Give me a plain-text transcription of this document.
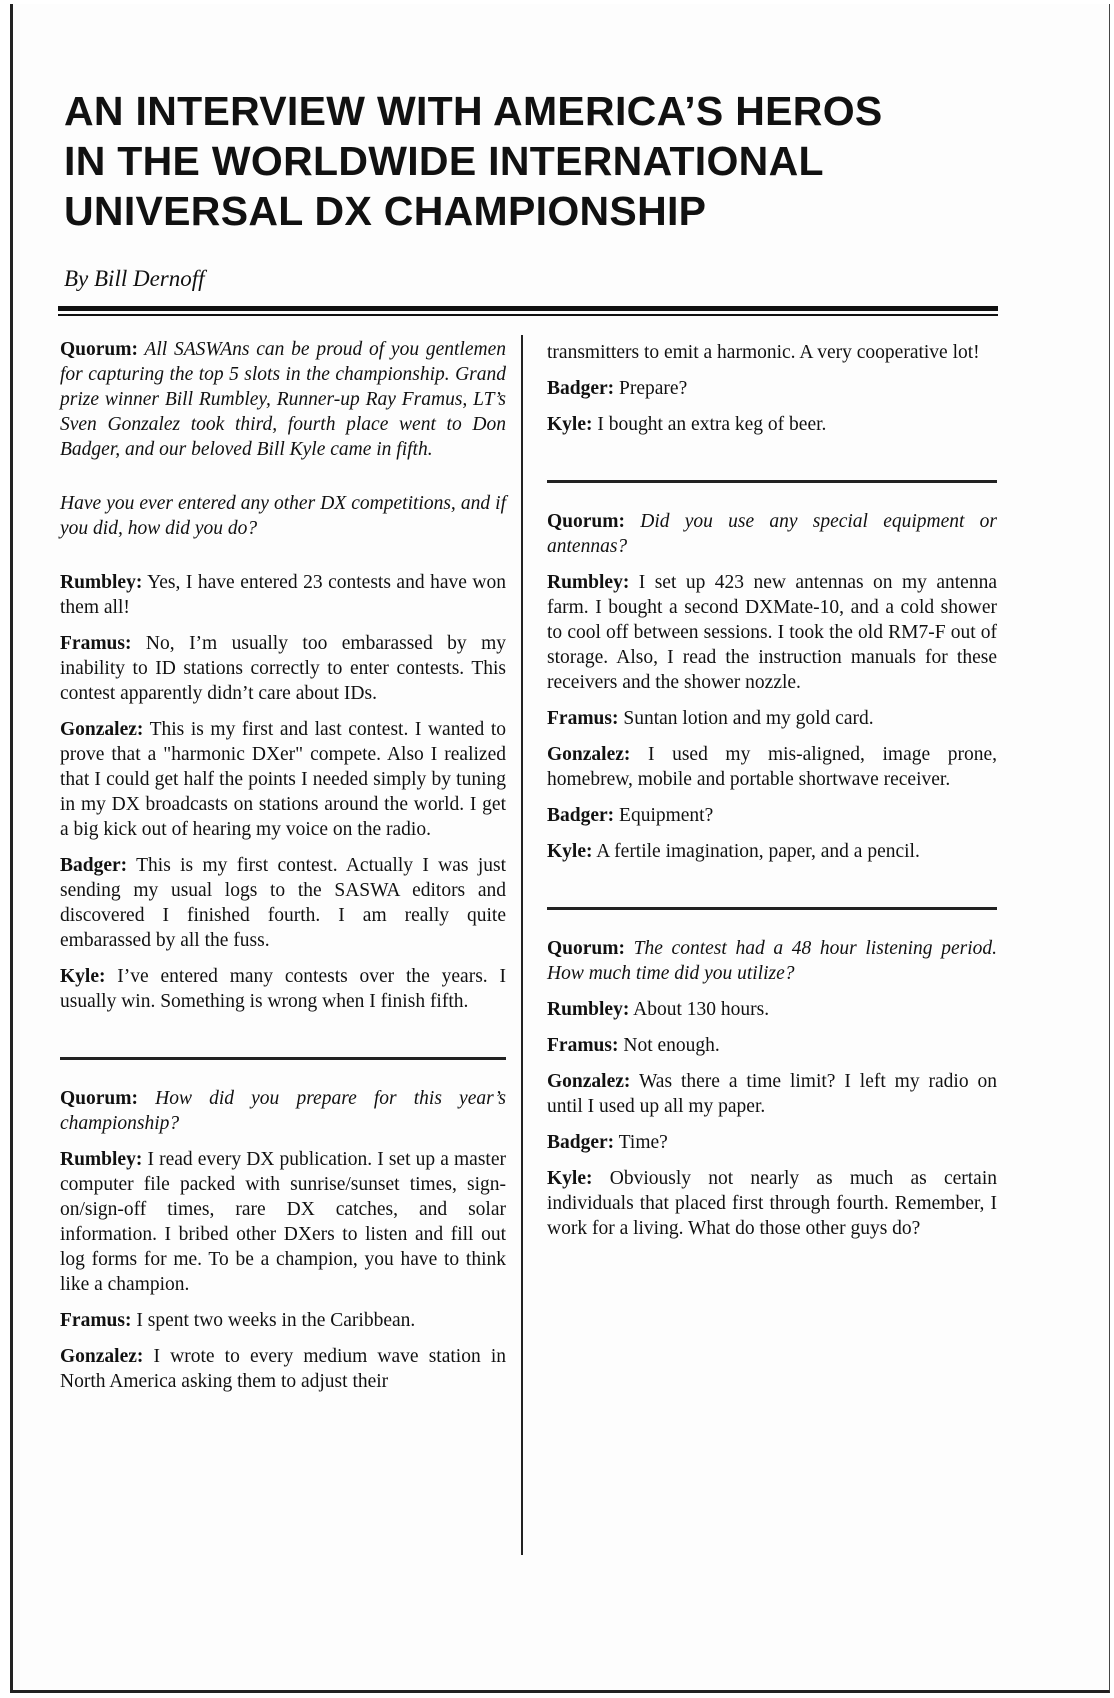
AN INTERVIEW WITH AMERICA’S HEROS
IN THE WORLDWIDE INTERNATIONAL
UNIVERSAL DX CHAMPIONSHIP
By Bill Dernoff

Quorum: All SASWAns can be proud of you gentlemen for capturing the top 5 slots in the championship. Grand prize winner Bill Rumbley, Runner-up Ray Framus, LT’s Sven Gonzalez took third, fourth place went to Don Badger, and our beloved Bill Kyle came in fifth.

Have you ever entered any other DX competitions, and if you did, how did you do?

Rumbley: Yes, I have entered 23 contests and have won them all!

Framus: No, I’m usually too embarassed by my inability to ID stations correctly to enter contests. This contest apparently didn’t care about IDs.

Gonzalez: This is my first and last contest. I wanted to prove that a "harmonic DXer" compete. Also I realized that I could get half the points I needed simply by tuning in my DX broadcasts on stations around the world. I get a big kick out of hearing my voice on the radio.

Badger: This is my first contest. Actually I was just sending my usual logs to the SASWA editors and discovered I finished fourth. I am really quite embarassed by all the fuss.

Kyle: I’ve entered many contests over the years. I usually win. Something is wrong when I finish fifth.

Quorum: How did you prepare for this year’s championship?

Rumbley: I read every DX publication. I set up a master computer file packed with sunrise/sunset times, sign- on/sign-off times, rare DX catches, and solar information. I bribed other DXers to listen and fill out log forms for me. To be a champion, you have to think like a champion.

Framus: I spent two weeks in the Caribbean.

Gonzalez: I wrote to every medium wave station in North America asking them to adjust their

transmitters to emit a harmonic. A very cooperative lot!

Badger: Prepare?

Kyle: I bought an extra keg of beer.

Quorum: Did you use any special equipment or antennas?

Rumbley: I set up 423 new antennas on my antenna farm. I bought a second DXMate-10, and a cold shower to cool off between sessions. I took the old RM7-F out of storage. Also, I read the instruction manuals for these receivers and the shower nozzle.

Framus: Suntan lotion and my gold card.

Gonzalez: I used my mis-aligned, image prone, homebrew, mobile and portable shortwave receiver.

Badger: Equipment?

Kyle: A fertile imagination, paper, and a pencil.

Quorum: The contest had a 48 hour listening period. How much time did you utilize?

Rumbley: About 130 hours.

Framus: Not enough.

Gonzalez: Was there a time limit? I left my radio on until I used up all my paper.

Badger: Time?

Kyle: Obviously not nearly as much as certain individuals that placed first through fourth. Remember, I work for a living. What do those other guys do?
